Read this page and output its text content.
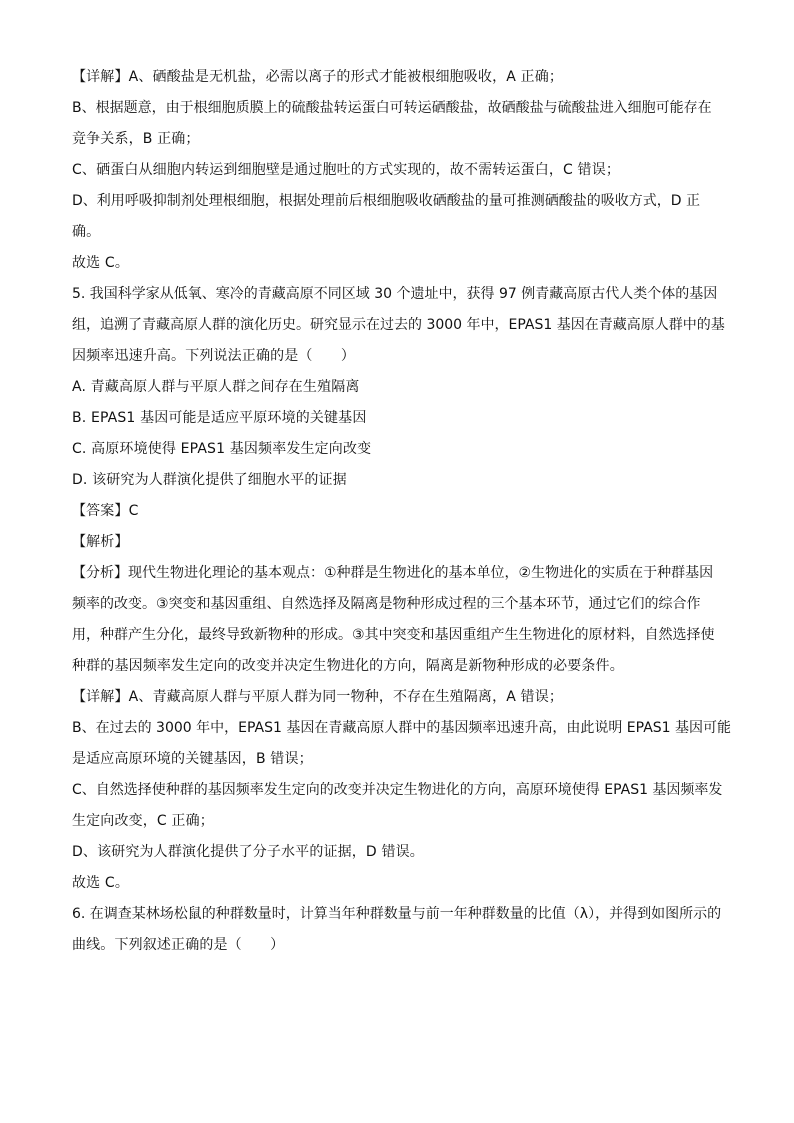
【详解】A、硒酸盐是无机盐，必需以离子的形式才能被根细胞吸收，A 正确；
B、根据题意，由于根细胞质膜上的硫酸盐转运蛋白可转运硒酸盐，故硒酸盐与硫酸盐进入细胞可能存在
竞争关系，B 正确；
C、硒蛋白从细胞内转运到细胞壁是通过胞吐的方式实现的，故不需转运蛋白，C 错误；
D、利用呼吸抑制剂处理根细胞，根据处理前后根细胞吸收硒酸盐的量可推测硒酸盐的吸收方式，D 正
确。
故选 C。
5. 我国科学家从低氧、寒冷的青藏高原不同区域 30 个遗址中，获得 97 例青藏高原古代人类个体的基因
组，追溯了青藏高原人群的演化历史。研究显示在过去的 3000 年中，EPAS1 基因在青藏高原人群中的基
因频率迅速升高。下列说法正确的是（　　）
A. 青藏高原人群与平原人群之间存在生殖隔离
B. EPAS1 基因可能是适应平原环境的关键基因
C. 高原环境使得 EPAS1 基因频率发生定向改变
D. 该研究为人群演化提供了细胞水平的证据
【答案】C
【解析】
【分析】现代生物进化理论的基本观点：①种群是生物进化的基本单位，②生物进化的实质在于种群基因
频率的改变。③突变和基因重组、自然选择及隔离是物种形成过程的三个基本环节，通过它们的综合作
用，种群产生分化，最终导致新物种的形成。③其中突变和基因重组产生生物进化的原材料，自然选择使
种群的基因频率发生定向的改变并决定生物进化的方向，隔离是新物种形成的必要条件。
【详解】A、青藏高原人群与平原人群为同一物种，不存在生殖隔离，A 错误；
B、在过去的 3000 年中，EPAS1 基因在青藏高原人群中的基因频率迅速升高，由此说明 EPAS1 基因可能
是适应高原环境的关键基因，B 错误；
C、自然选择使种群的基因频率发生定向的改变并决定生物进化的方向，高原环境使得 EPAS1 基因频率发
生定向改变，C 正确；
D、该研究为人群演化提供了分子水平的证据，D 错误。
故选 C。
6. 在调查某林场松鼠的种群数量时，计算当年种群数量与前一年种群数量的比值（λ），并得到如图所示的
曲线。下列叙述正确的是（　　）
